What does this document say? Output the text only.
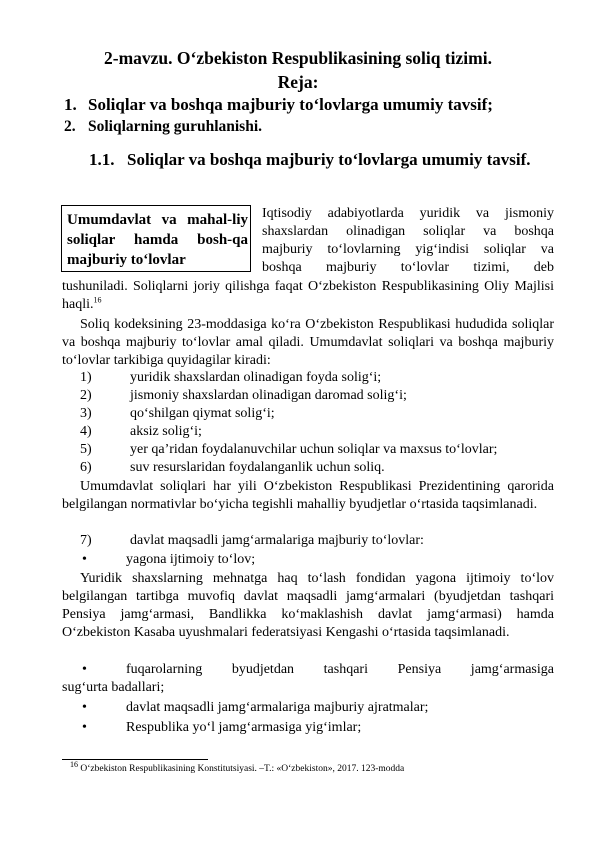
2-mavzu. O‘zbekiston Respublikasining soliq tizimi.
Reja:
1. Soliqlar va boshqa majburiy to‘lovlarga umumiy tavsif;
2. Soliqlarning guruhlanishi.
1.1. Soliqlar va boshqa majburiy to‘lovlarga umumiy tavsif.
Umumdavlat va mahal-liy soliqlar hamda bosh-qa majburiy to‘lovlar
Iqtisodiy adabiyotlarda yuridik va jismoniy
shaxslardan olinadigan soliqlar va boshqa
majburiy to‘lovlarning yig‘indisi soliqlar va
boshqa majburiy to‘lovlar tizimi, deb
tushuniladi. Soliqlarni joriy qilishga faqat O‘zbekiston Respublikasining Oliy Majlisi haqli.$^{16}$
Soliq kodeksining 23-moddasiga ko‘ra O‘zbekiston Respublikasi hududida soliqlar va boshqa majburiy to‘lovlar amal qiladi. Umumdavlat soliqlari va boshqa majburiy to‘lovlar tarkibiga quyidagilar kiradi:
1)	yuridik shaxslardan olinadigan foyda solig‘i;
2)	jismoniy shaxslardan olinadigan daromad solig‘i;
3)	qo‘shilgan qiymat solig‘i;
4)	aksiz solig‘i;
5)	yer qa’ridan foydalanuvchilar uchun soliqlar va maxsus to‘lovlar;
6)	suv resurslaridan foydalanganlik uchun soliq.
Umumdavlat soliqlari har yili O‘zbekiston Respublikasi Prezidentining qarorida belgilangan normativlar bo‘yicha tegishli mahalliy byudjetlar o‘rtasida taqsimlanadi.
7)	davlat maqsadli jamg‘armalariga majburiy to‘lovlar:
•	yagona ijtimoiy to‘lov;
Yuridik shaxslarning mehnatga haq to‘lash fondidan yagona ijtimoiy to‘lov belgilangan tartibga muvofiq davlat maqsadli jamg‘armalari (byudjetdan tashqari Pensiya jamg‘armasi, Bandlikka ko‘maklashish davlat jamg‘armasi) hamda O‘zbekiston Kasaba uyushmalari federatsiyasi Kengashi o‘rtasida taqsimlanadi.
•	fuqarolarning byudjetdan tashqari Pensiya jamg‘armasiga
sug‘urta badallari;
•	davlat maqsadli jamg‘armalariga majburiy ajratmalar;
•	Respublika yo‘l jamg‘armasiga yig‘imlar;
$^{16}$ O‘zbekiston Respublikasining Konstitutsiyasi. –T.: «O‘zbekiston», 2017. 123-modda
